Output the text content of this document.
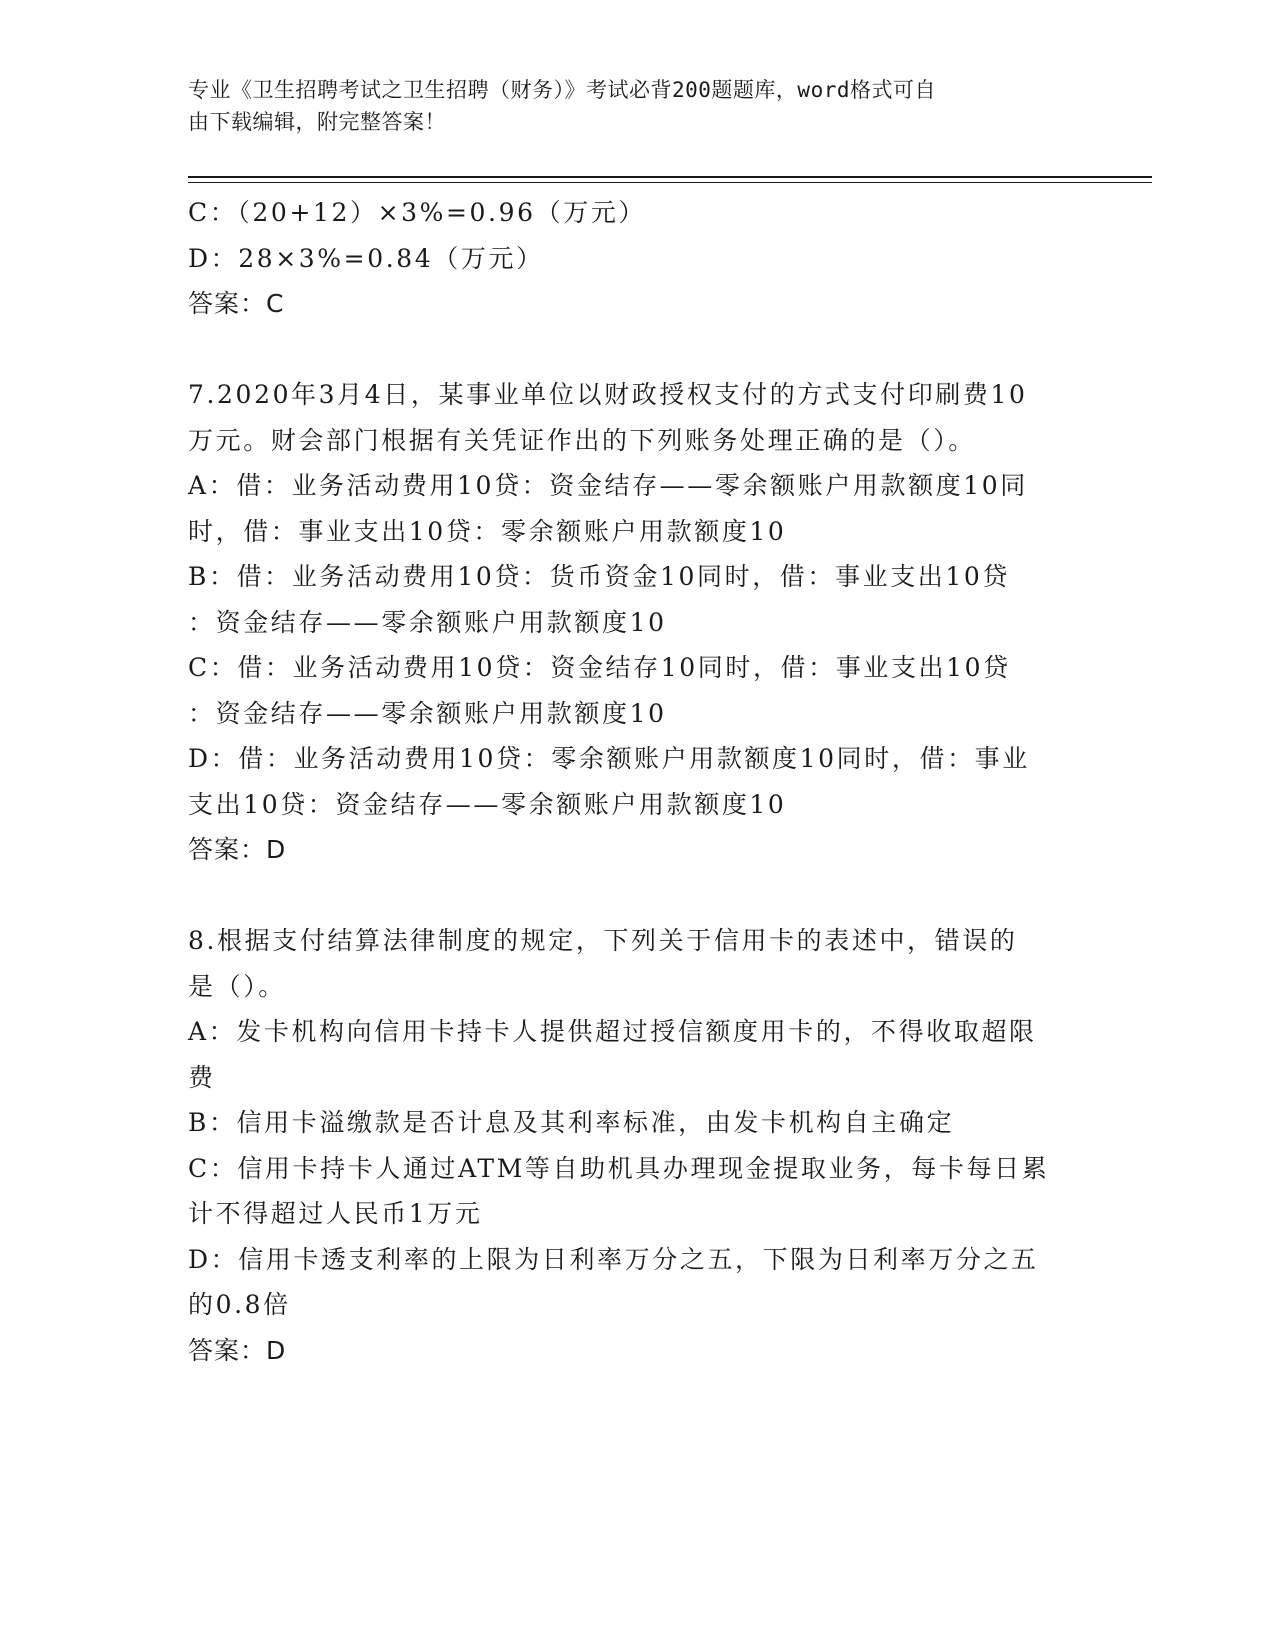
专业《卫生招聘考试之卫生招聘（财务）》考试必背200题题库，word格式可自
由下载编辑，附完整答案！
C：（20+12）×3%=0.96（万元）
D：28×3%=0.84（万元）
答案：C
7.2020年3月4日，某事业单位以财政授权支付的方式支付印刷费10
万元。财会部门根据有关凭证作出的下列账务处理正确的是（）。
A：借：业务活动费用10贷：资金结存——零余额账户用款额度10同
时，借：事业支出10贷：零余额账户用款额度10
B：借：业务活动费用10贷：货币资金10同时，借：事业支出10贷
：资金结存——零余额账户用款额度10
C：借：业务活动费用10贷：资金结存10同时，借：事业支出10贷
：资金结存——零余额账户用款额度10
D：借：业务活动费用10贷：零余额账户用款额度10同时，借：事业
支出10贷：资金结存——零余额账户用款额度10
答案：D
8.根据支付结算法律制度的规定，下列关于信用卡的表述中，错误的
是（）。
A：发卡机构向信用卡持卡人提供超过授信额度用卡的，不得收取超限
费
B：信用卡溢缴款是否计息及其利率标准，由发卡机构自主确定
C：信用卡持卡人通过ATM等自助机具办理现金提取业务，每卡每日累
计不得超过人民币1万元
D：信用卡透支利率的上限为日利率万分之五，下限为日利率万分之五
的0.8倍
答案：D
